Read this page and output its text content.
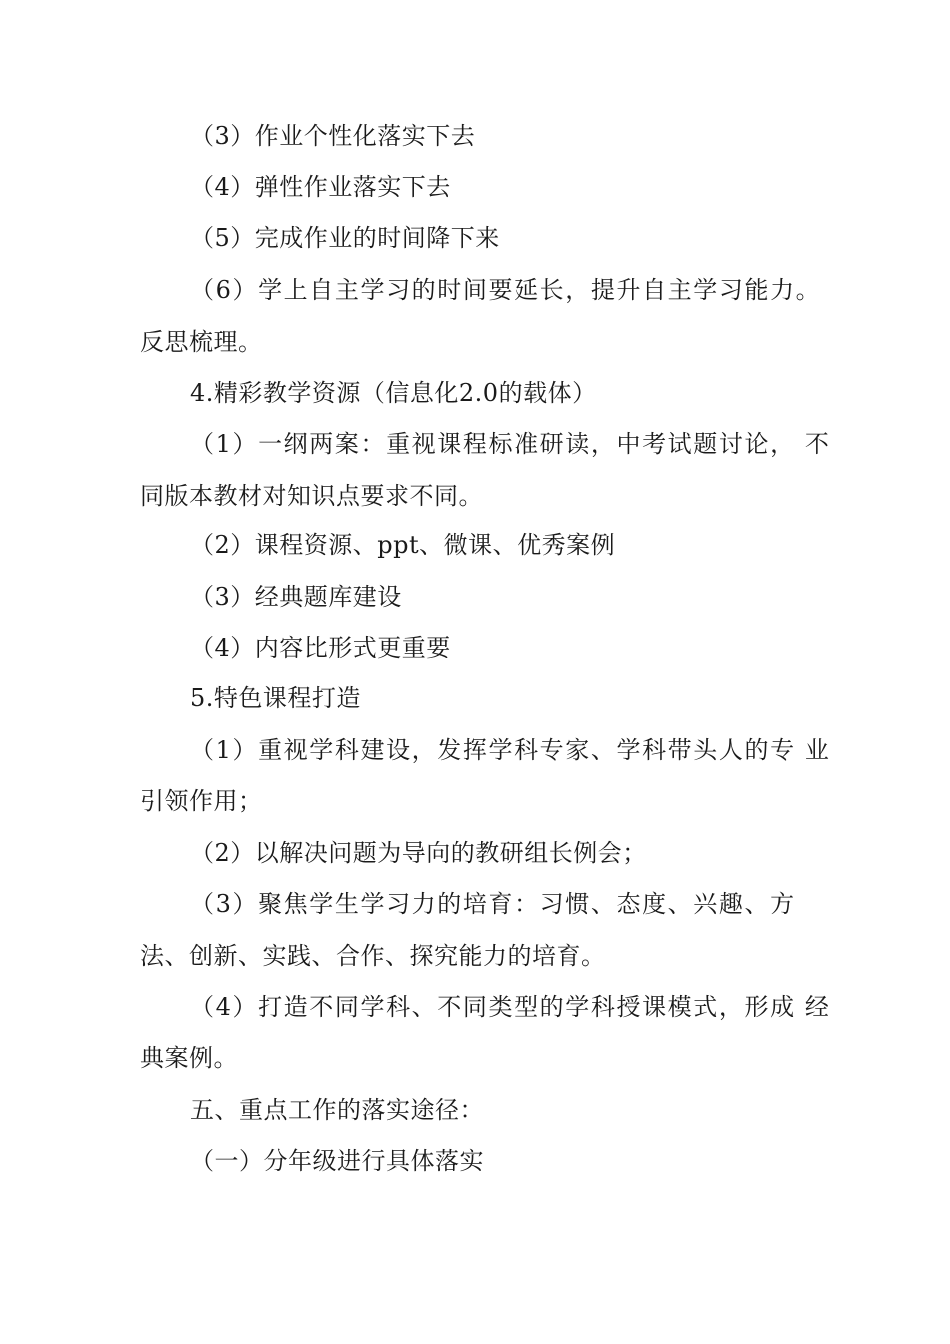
（3）作业个性化落实下去
（4）弹性作业落实下去
（5）完成作业的时间降下来
（6）学上自主学习的时间要延长，提升自主学习能力。
反思梳理。
4.精彩教学资源（信息化2.0的载体）
（1）一纲两案：重视课程标准研读，中考试题讨论， 不
同版本教材对知识点要求不同。
（2）课程资源、ppt、微课、优秀案例
（3）经典题库建设
（4）内容比形式更重要
5.特色课程打造
（1）重视学科建设，发挥学科专家、学科带头人的专 业
引领作用；
（2）以解决问题为导向的教研组长例会；
（3）聚焦学生学习力的培育：习惯、态度、兴趣、方
法、创新、实践、合作、探究能力的培育。
（4）打造不同学科、不同类型的学科授课模式，形成 经
典案例。
五、重点工作的落实途径：
（一）分年级进行具体落实
